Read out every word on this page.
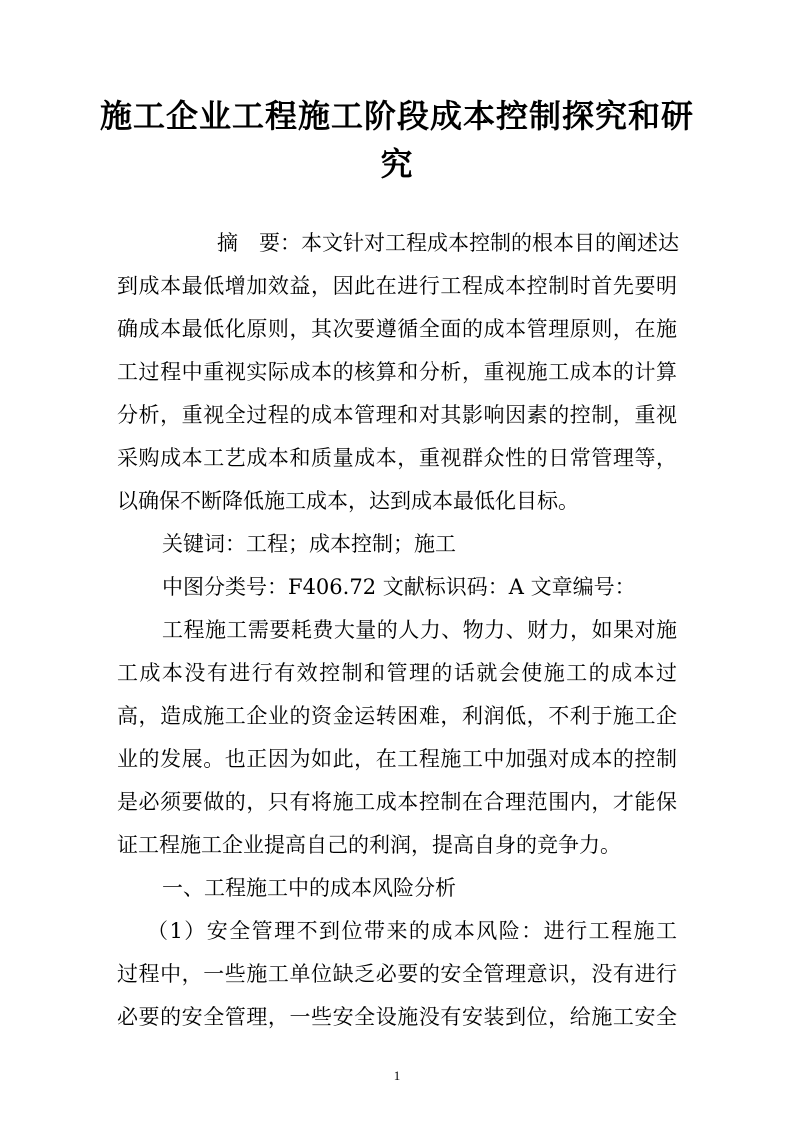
施工企业工程施工阶段成本控制探究和研
究
摘　要：本文针对工程成本控制的根本目的阐述达
到成本最低增加效益，因此在进行工程成本控制时首先要明
确成本最低化原则，其次要遵循全面的成本管理原则，在施
工过程中重视实际成本的核算和分析，重视施工成本的计算
分析，重视全过程的成本管理和对其影响因素的控制，重视
采购成本工艺成本和质量成本，重视群众性的日常管理等，
以确保不断降低施工成本，达到成本最低化目标。
关键词：工程；成本控制；施工
中图分类号：F406.72 文献标识码：A 文章编号：
工程施工需要耗费大量的人力、物力、财力，如果对施
工成本没有进行有效控制和管理的话就会使施工的成本过
高，造成施工企业的资金运转困难，利润低，不利于施工企
业的发展。也正因为如此，在工程施工中加强对成本的控制
是必须要做的，只有将施工成本控制在合理范围内，才能保
证工程施工企业提高自己的利润，提高自身的竞争力。
一、工程施工中的成本风险分析
（1）安全管理不到位带来的成本风险：进行工程施工
过程中，一些施工单位缺乏必要的安全管理意识，没有进行
必要的安全管理，一些安全设施没有安装到位，给施工安全
1
